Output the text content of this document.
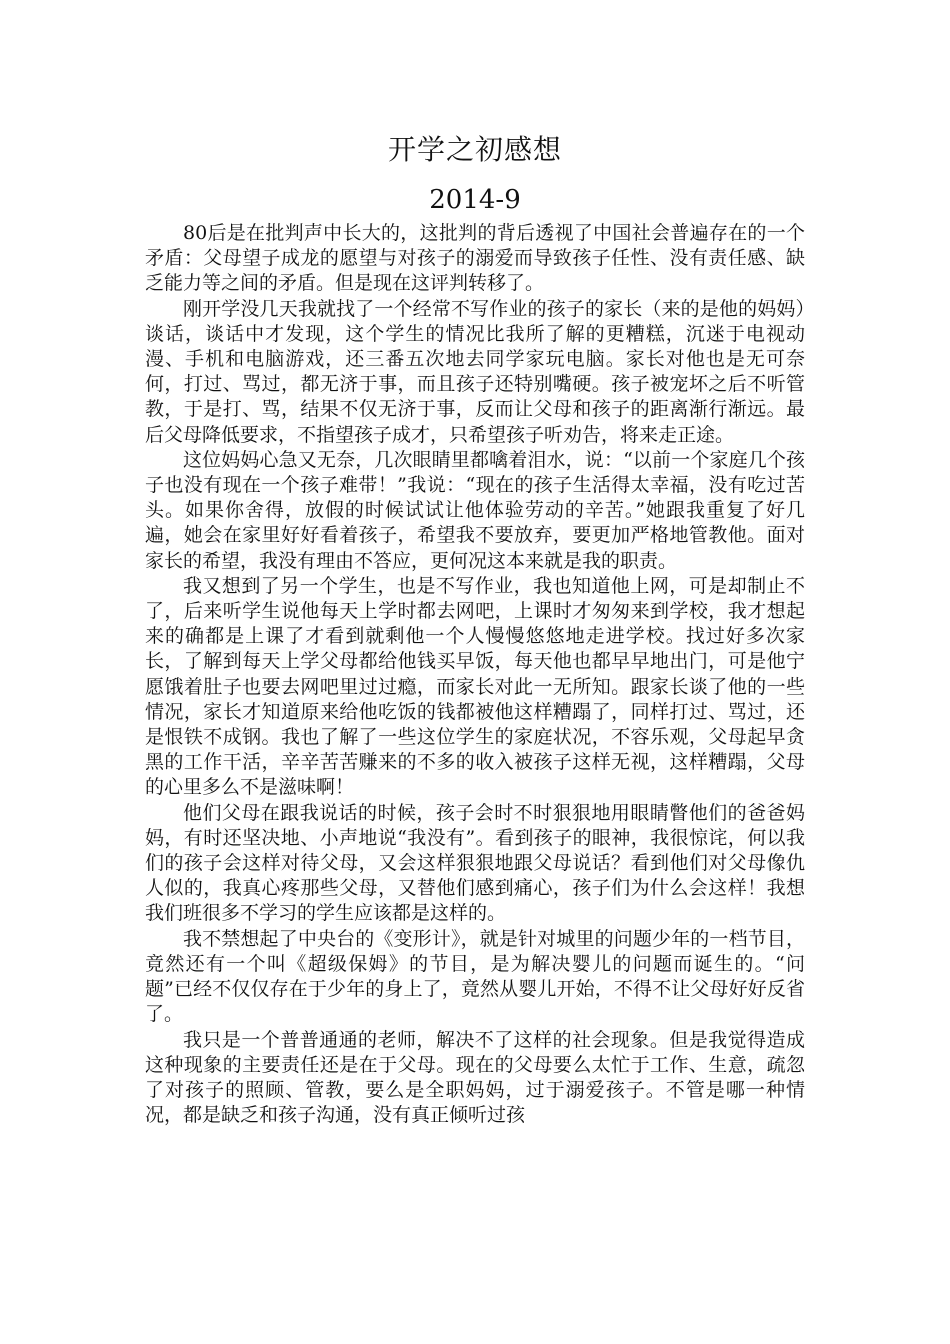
开学之初感想
2014-9

80后是在批判声中长大的，这批判的背后透视了中国社会普遍存在的一个矛盾：父母望子成龙的愿望与对孩子的溺爱而导致孩子任性、没有责任感、缺乏能力等之间的矛盾。但是现在这评判转移了。

刚开学没几天我就找了一个经常不写作业的孩子的家长（来的是他的妈妈）谈话，谈话中才发现，这个学生的情况比我所了解的更糟糕，沉迷于电视动漫、手机和电脑游戏，还三番五次地去同学家玩电脑。家长对他也是无可奈何，打过、骂过，都无济于事，而且孩子还特别嘴硬。孩子被宠坏之后不听管教，于是打、骂，结果不仅无济于事，反而让父母和孩子的距离渐行渐远。最后父母降低要求，不指望孩子成才，只希望孩子听劝告，将来走正途。

这位妈妈心急又无奈，几次眼睛里都噙着泪水，说：“以前一个家庭几个孩子也没有现在一个孩子难带！”我说：“现在的孩子生活得太幸福，没有吃过苦头。如果你舍得，放假的时候试试让他体验劳动的辛苦。”她跟我重复了好几遍，她会在家里好好看着孩子，希望我不要放弃，要更加严格地管教他。面对家长的希望，我没有理由不答应，更何况这本来就是我的职责。

我又想到了另一个学生，也是不写作业，我也知道他上网，可是却制止不了，后来听学生说他每天上学时都去网吧，上课时才匆匆来到学校，我才想起来的确都是上课了才看到就剩他一个人慢慢悠悠地走进学校。找过好多次家长，了解到每天上学父母都给他钱买早饭，每天他也都早早地出门，可是他宁愿饿着肚子也要去网吧里过过瘾，而家长对此一无所知。跟家长谈了他的一些情况，家长才知道原来给他吃饭的钱都被他这样糟蹋了，同样打过、骂过，还是恨铁不成钢。我也了解了一些这位学生的家庭状况，不容乐观，父母起早贪黑的工作干活，辛辛苦苦赚来的不多的收入被孩子这样无视，这样糟蹋，父母的心里多么不是滋味啊！

他们父母在跟我说话的时候，孩子会时不时狠狠地用眼睛瞥他们的爸爸妈妈，有时还坚决地、小声地说“我没有”。看到孩子的眼神，我很惊诧，何以我们的孩子会这样对待父母，又会这样狠狠地跟父母说话？看到他们对父母像仇人似的，我真心疼那些父母，又替他们感到痛心，孩子们为什么会这样！我想我们班很多不学习的学生应该都是这样的。

我不禁想起了中央台的《变形计》，就是针对城里的问题少年的一档节目，竟然还有一个叫《超级保姆》的节目，是为解决婴儿的问题而诞生的。“问题”已经不仅仅存在于少年的身上了，竟然从婴儿开始，不得不让父母好好反省了。

我只是一个普普通通的老师，解决不了这样的社会现象。但是我觉得造成这种现象的主要责任还是在于父母。现在的父母要么太忙于工作、生意，疏忽了对孩子的照顾、管教，要么是全职妈妈，过于溺爱孩子。不管是哪一种情况，都是缺乏和孩子沟通，没有真正倾听过孩
